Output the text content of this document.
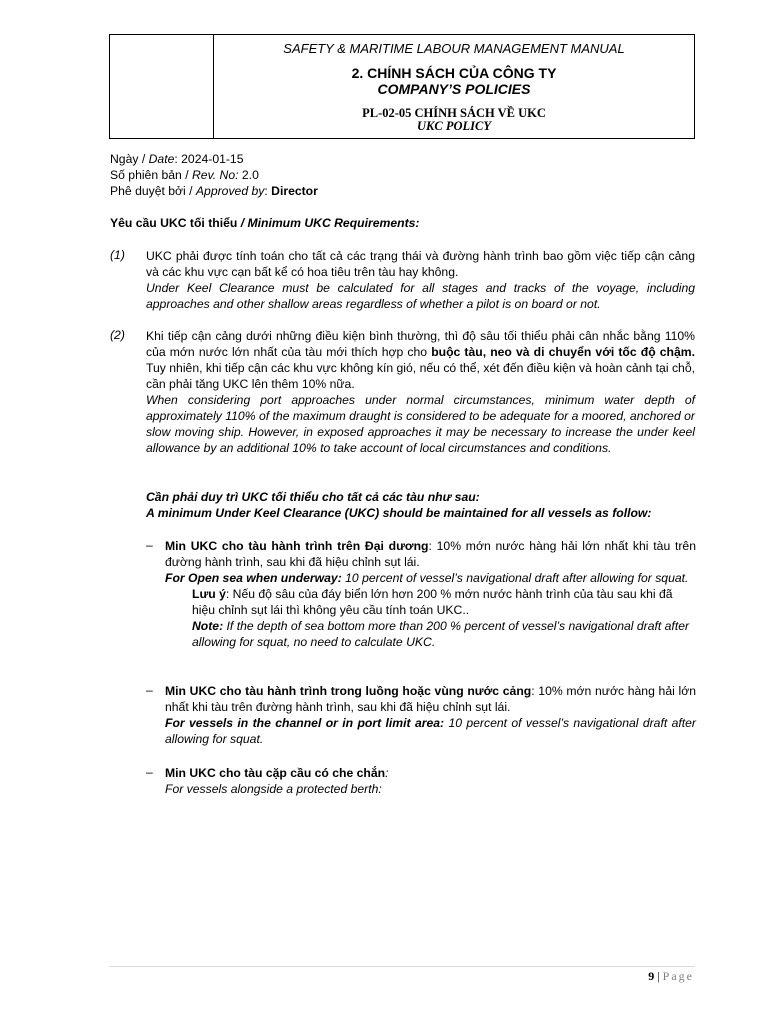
SAFETY & MARITIME LABOUR MANAGEMENT MANUAL
2. CHÍNH SÁCH CỦA CÔNG TY
COMPANY’S POLICIES
PL-02-05 CHÍNH SÁCH VỀ UKC
UKC POLICY
Ngày / Date: 2024-01-15
Số phiên bản / Rev. No: 2.0
Phê duyệt bởi / Approved by: Director
Yêu cầu UKC tối thiểu / Minimum UKC Requirements:
(1) UKC phải được tính toán cho tất cả các trạng thái và đường hành trình bao gồm việc tiếp cận cảng và các khu vực cạn bất kể có hoa tiêu trên tàu hay không.

Under Keel Clearance must be calculated for all stages and tracks of the voyage, including approaches and other shallow areas regardless of whether a pilot is on board or not.

(2) Khi tiếp cận cảng dưới những điều kiện bình thường, thì độ sâu tối thiểu phải cân nhắc bằng 110% của mớn nước lớn nhất của tàu mới thích hợp cho buộc tàu, neo và di chuyển với tốc độ chậm. Tuy nhiên, khi tiếp cận các khu vực không kín gió, nếu có thể, xét đến điều kiện và hoàn cảnh tại chỗ, cần phải tăng UKC lên thêm 10% nữa.

When considering port approaches under normal circumstances, minimum water depth of approximately 110% of the maximum draught is considered to be adequate for a moored, anchored or slow moving ship. However, in exposed approaches it may be necessary to increase the under keel allowance by an additional 10% to take account of local circumstances and conditions.

Cần phải duy trì UKC tối thiểu cho tất cả các tàu như sau:
A minimum Under Keel Clearance (UKC) should be maintained for all vessels as follow:
– Min UKC cho tàu hành trình trên Đại dương: 10% mớn nước hàng hải lớn nhất khi tàu trên đường hành trình, sau khi đã hiệu chỉnh sụt lái.
For Open sea when underway: 10 percent of vessel’s navigational draft after allowing for squat.
Lưu ý: Nếu độ sâu của đáy biển lớn hơn 200 % mớn nước hành trình của tàu sau khi đã hiệu chỉnh sụt lái thì không yêu cầu tính toán UKC..
Note: If the depth of sea bottom more than 200 % percent of vessel’s navigational draft after allowing for squat, no need to calculate UKC.
– Min UKC cho tàu hành trình trong luồng hoặc vùng nước cảng: 10% mớn nước hàng hải lớn nhất khi tàu trên đường hành trình, sau khi đã hiệu chỉnh sụt lái.
For vessels in the channel or in port limit area: 10 percent of vessel’s navigational draft after allowing for squat.
– Min UKC cho tàu cặp cầu có che chắn:
For vessels alongside a protected berth:
9 | Page
